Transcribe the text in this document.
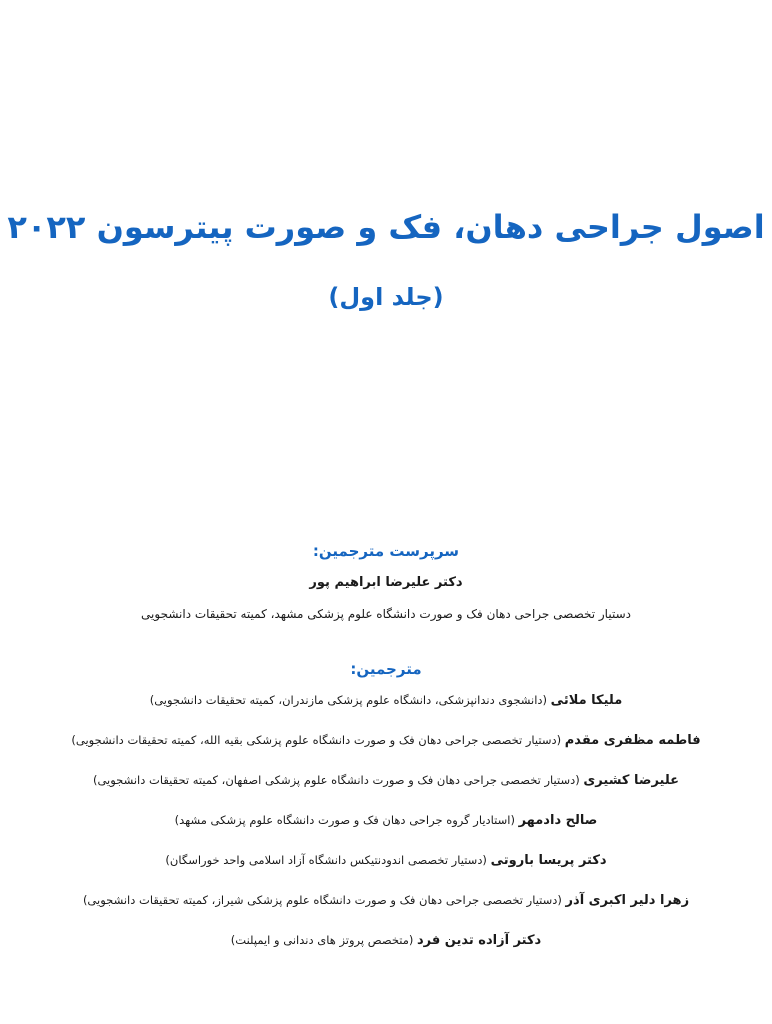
اصول جراحی دهان، فک و صورت پیترسون ۲۰۲۲
(جلد اول)
سرپرست مترجمین:
دکتر علیرضا ابراهیم پور
دستیار تخصصی جراحی دهان فک و صورت دانشگاه علوم پزشکی مشهد، کمیته تحقیقات دانشجویی
مترجمین:
ملیکا ملائی (دانشجوی دندانپزشکی، دانشگاه علوم پزشکی مازندران، کمیته تحقیقات دانشجویی)
فاطمه مظفری مقدم (دستیار تخصصی جراحی دهان فک و صورت دانشگاه علوم پزشکی بقیه الله، کمیته تحقیقات دانشجویی)
علیرضا کشیری (دستیار تخصصی جراحی دهان فک و صورت دانشگاه علوم پزشکی اصفهان، کمیته تحقیقات دانشجویی)
صالح دادمهر (استادیار گروه جراحی دهان فک و صورت دانشگاه علوم پزشکی مشهد)
دکتر پریسا باروتی (دستیار تخصصی اندودنتیکس دانشگاه آزاد اسلامی واحد خوراسگان)
زهرا دلیر اکبری آذر (دستیار تخصصی جراحی دهان فک و صورت دانشگاه علوم پزشکی شیراز، کمیته تحقیقات دانشجویی)
دکتر آزاده تدین فرد (متخصص پروتز های دندانی و ایمپلنت)
